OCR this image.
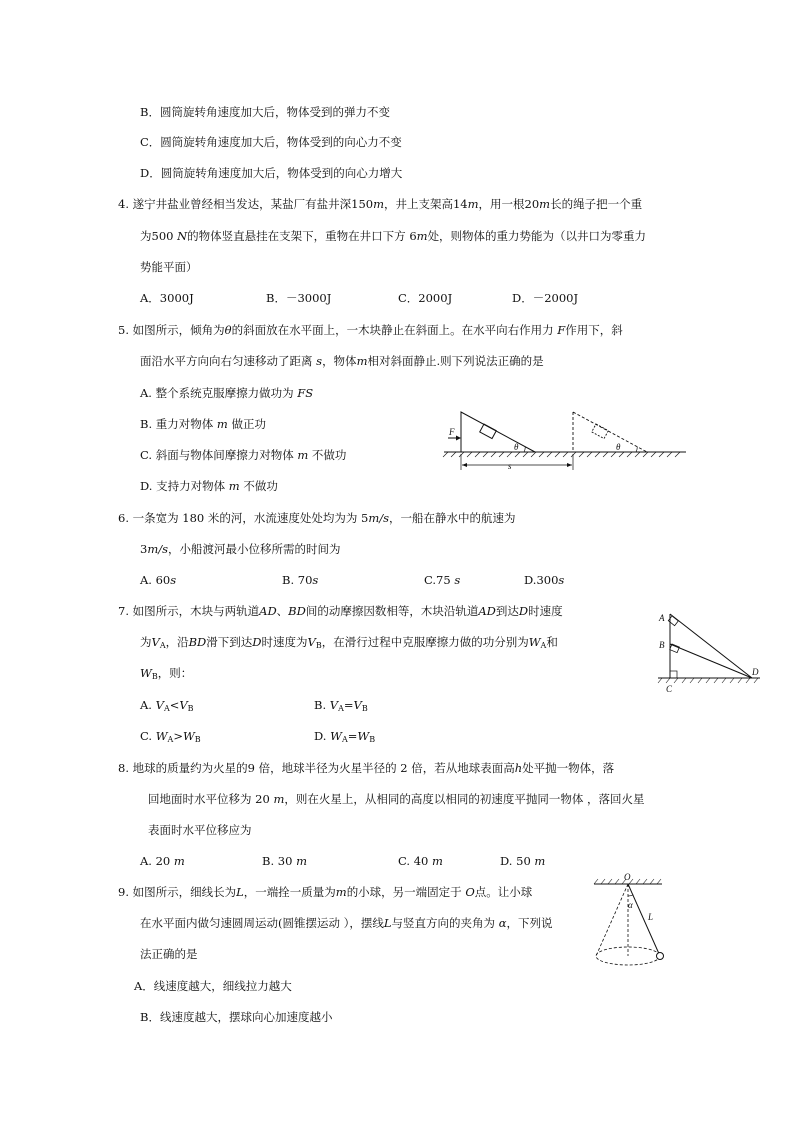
B．圆筒旋转角速度加大后，物体受到的弹力不变
C．圆筒旋转角速度加大后，物体受到的向心力不变
D．圆筒旋转角速度加大后，物体受到的向心力增大
4. 遂宁井盐业曾经相当发达，某盐厂有盐井深150m，井上支架高14m，用一根20m长的绳子把一个重
为500 N的物体竖直悬挂在支架下，重物在井口下方 6m处，则物体的重力势能为（以井口为零重力
势能平面）
A．3000J	B．－3000J	C．2000J	D．－2000J
5. 如图所示，倾角为θ的斜面放在水平面上，一木块静止在斜面上。在水平向右作用力 F作用下，斜
面沿水平方向向右匀速移动了距离 s，物体m相对斜面静止.则下列说法正确的是
A. 整个系统克服摩擦力做功为 FS
B. 重力对物体 m 做正功
C. 斜面与物体间摩擦力对物体 m 不做功
D. 支持力对物体 m 不做功
θ
F
θ
s
6. 一条宽为 180 米的河，水流速度处处均为为 5m/s，一船在静水中的航速为
3m/s，小船渡河最小位移所需的时间为
A. 60s	B. 70s	C.75 s	D.300s
7. 如图所示，木块与两轨道AD、BD间的动摩擦因数相等，木块沿轨道AD到达D时速度
为$V_A$，沿BD滑下到达D时速度为$V_B$，在滑行过程中克服摩擦力做的功分别为$W_A$和
$W_B$，则：
A. $V_A<V_B$	B. $V_A=V_B$
C. $W_A>W_B$	D. $W_A=W_B$
A
B
C
D
8. 地球的质量约为火星的9 倍，地球半径为火星半径的 2 倍，若从地球表面高h处平抛一物体，落
回地面时水平位移为 20 m，则在火星上，从相同的高度以相同的初速度平抛同一物体 ，落回火星
表面时水平位移应为
A. 20 m	B. 30 m	C. 40 m	D. 50 m
9. 如图所示，细线长为L，一端拴一质量为m的小球，另一端固定于 O点。让小球
在水平面内做匀速圆周运动(圆锥摆运动 ），摆线L与竖直方向的夹角为 α，下列说
法正确的是
A．线速度越大，细线拉力越大
B．线速度越大，摆球向心加速度越小
O
α
L
